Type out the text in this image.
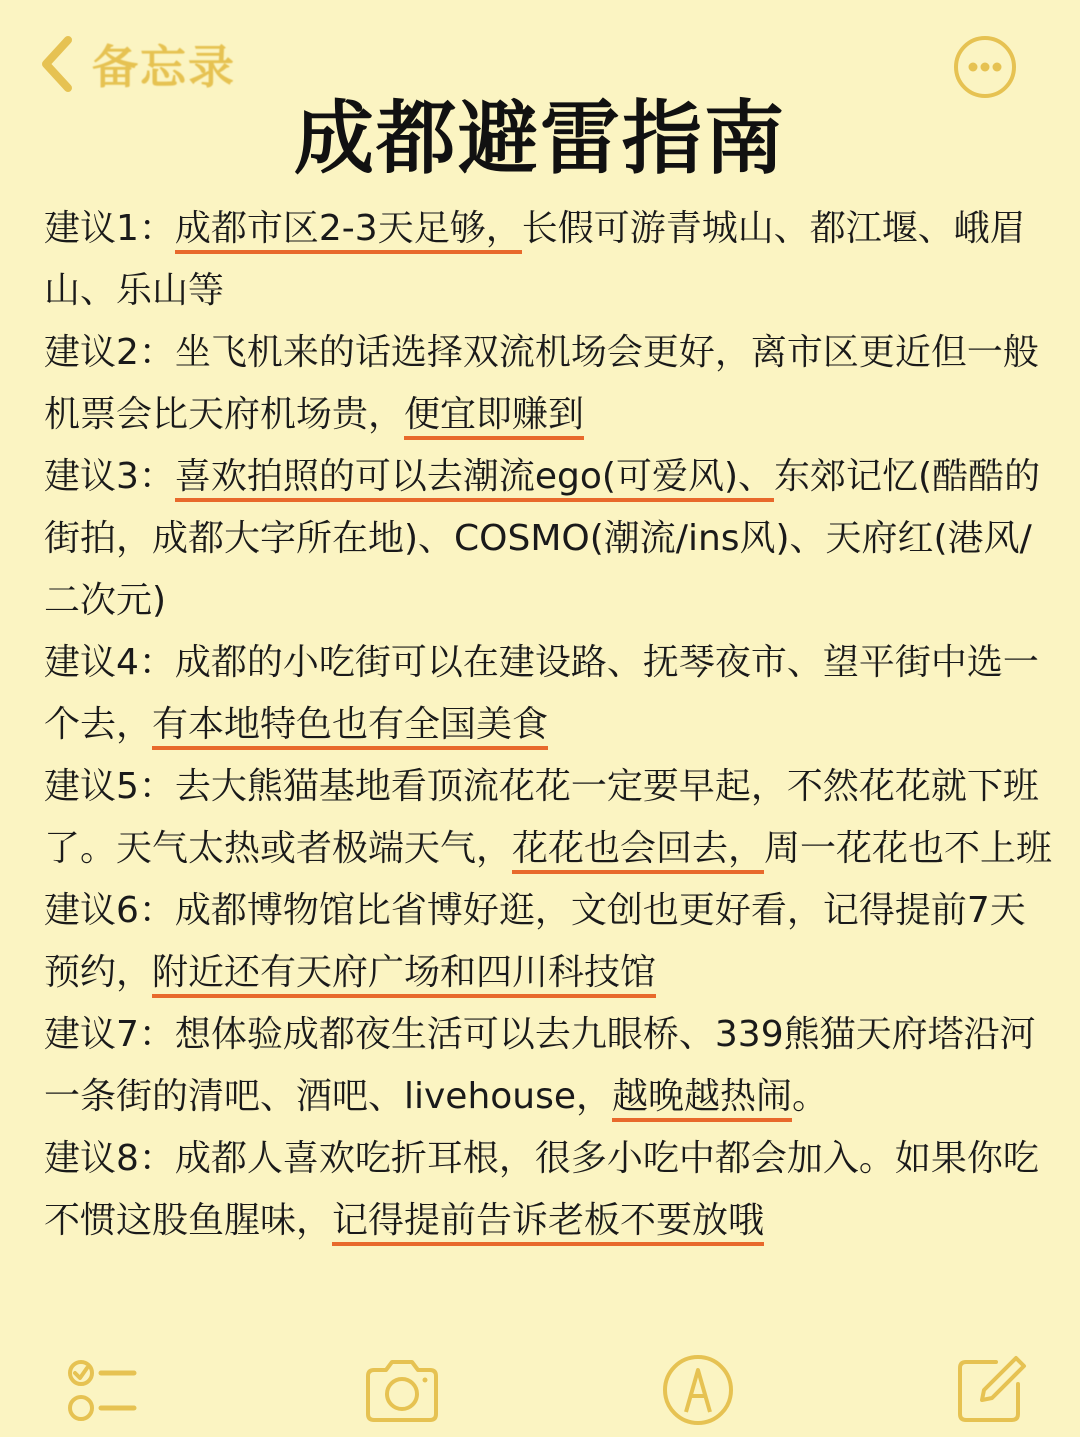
备忘录
成都避雷指南

建议1：成都市区2-3天足够，长假可游青城山、都江堰、峨眉山、乐山等

建议2：坐飞机来的话选择双流机场会更好，离市区更近但一般机票会比天府机场贵，便宜即赚到

建议3：喜欢拍照的可以去潮流ego(可爱风)、东郊记忆(酷酷的街拍，成都大字所在地)、COSMO(潮流/ins风)、天府红(港风/二次元)

建议4：成都的小吃街可以在建设路、抚琴夜市、望平街中选一个去，有本地特色也有全国美食

建议5：去大熊猫基地看顶流花花一定要早起，不然花花就下班了。天气太热或者极端天气，花花也会回去，周一花花也不上班

建议6：成都博物馆比省博好逛，文创也更好看，记得提前7天预约，附近还有天府广场和四川科技馆

建议7：想体验成都夜生活可以去九眼桥、339熊猫天府塔沿河一条街的清吧、酒吧、livehouse，越晚越热闹。

建议8：成都人喜欢吃折耳根，很多小吃中都会加入。如果你吃不惯这股鱼腥味，记得提前告诉老板不要放哦
